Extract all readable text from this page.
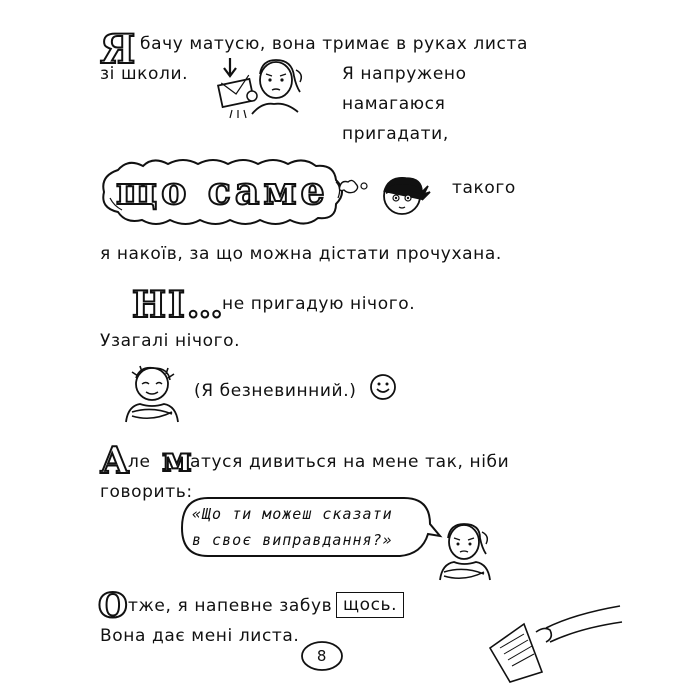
Я бачу матусю, вона тримає в руках листа
зі школи.	Я напружено
намагаюся
пригадати,
що саме	такого
я накоїв, за що можна дістати прочухана.
НІ…
не пригадую нічого.
Узагалі нічого.
(Я безневинний.)
А
ле м
атуся дивиться на мене так, ніби
говорить:
«Що ти можеш сказати
в своє виправдання?»
О тже, я напевне забув щось.
Вона дає мені листа.
8
